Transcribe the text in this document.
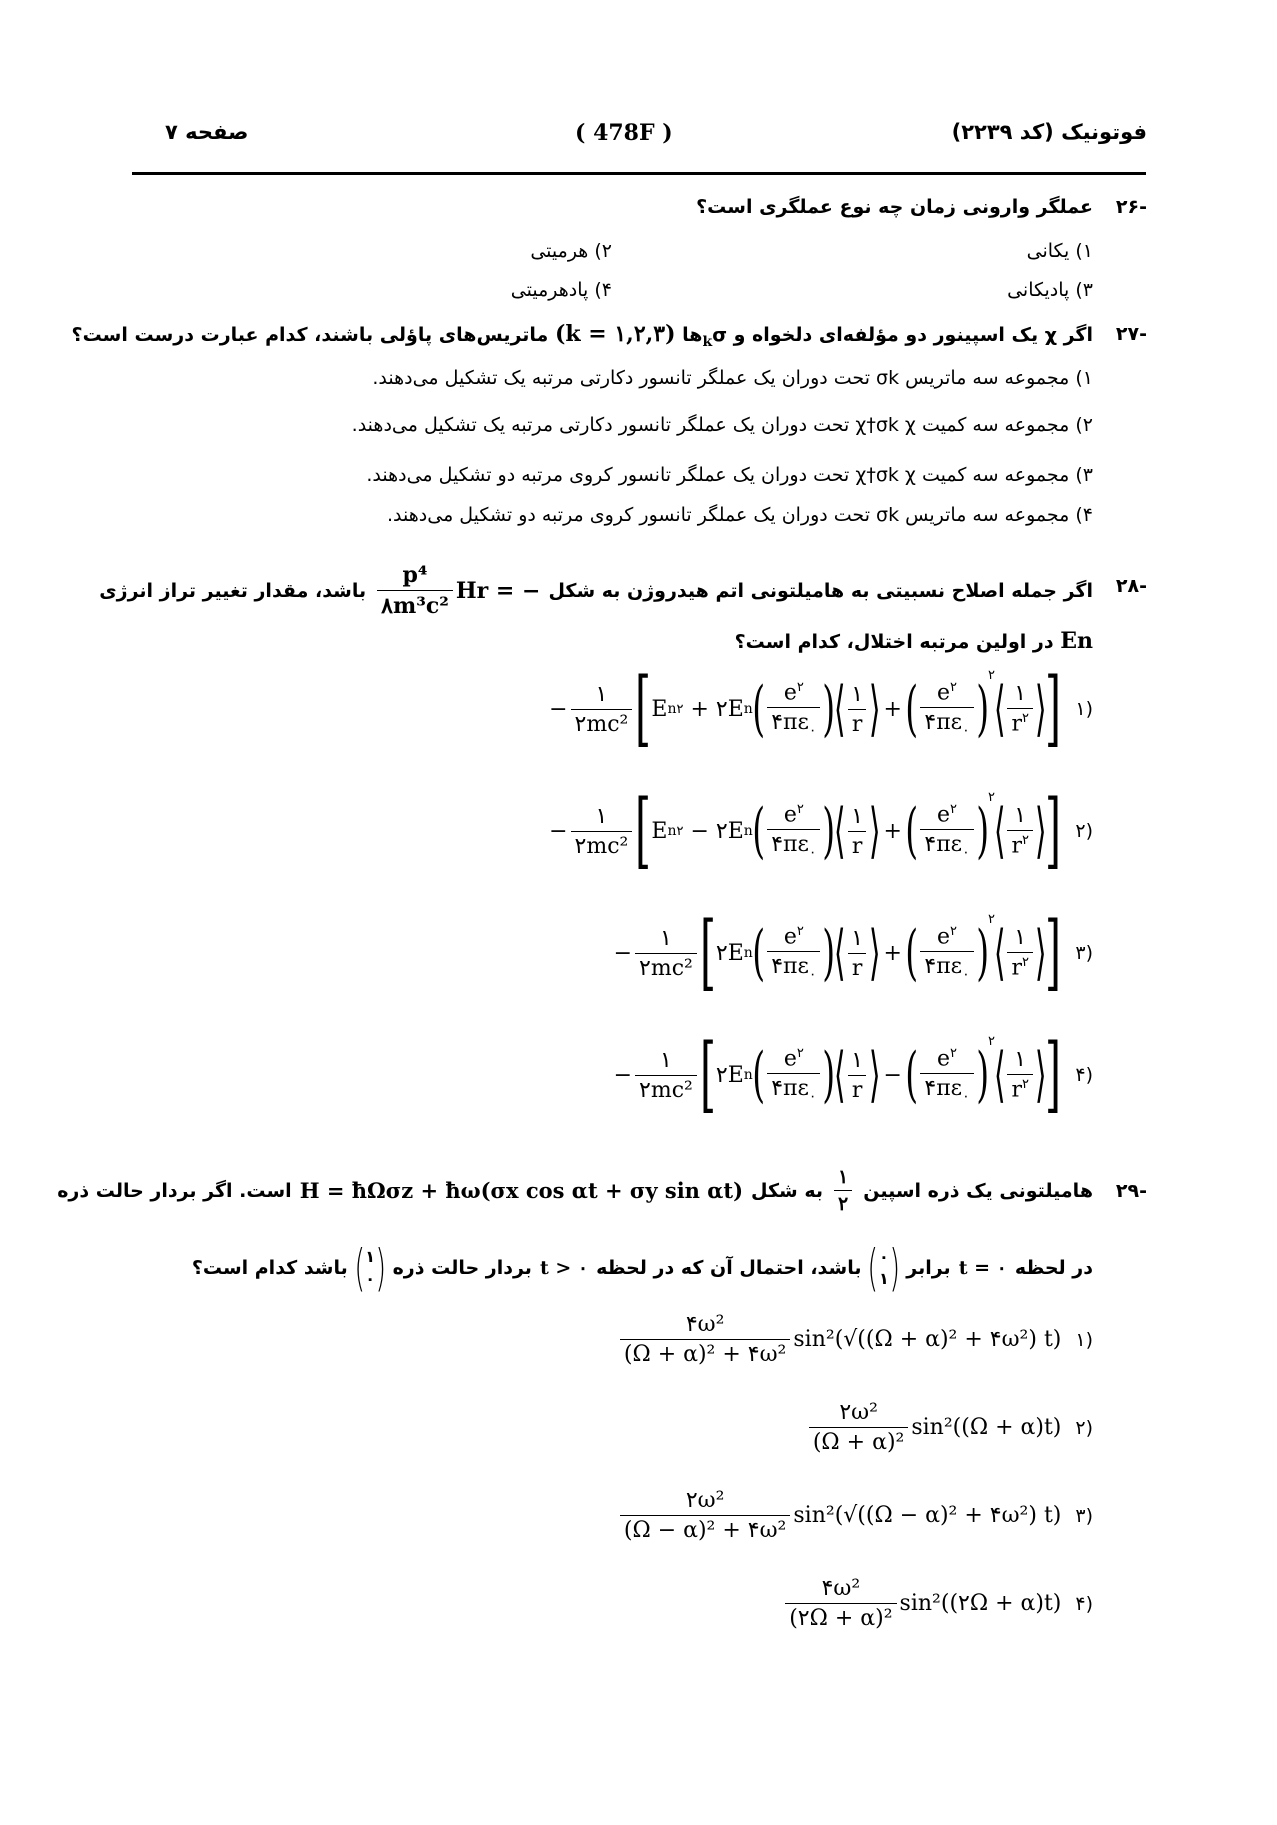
فوتونیک (کد ۲۲۳۹)
( 478F )
صفحه ۷
-۲۶
عملگر وارونی زمان چه نوع عملگری است؟
۱) یکانی
۲) هرمیتی
۳) پادیکانی
۴) پادهرمیتی
-۲۷
اگر χ یک اسپینور دو مؤلفه‌ای دلخواه و $\sigma_kها$ (k = ۱,۲,۳) ماتریس‌های پاؤلی باشند، کدام عبارت درست است؟
۱) مجموعه سه ماتریس σk تحت دوران یک عملگر تانسور دکارتی مرتبه یک تشکیل می‌دهند.
۲) مجموعه سه کمیت χ†σk χ تحت دوران یک عملگر تانسور دکارتی مرتبه یک تشکیل می‌دهند.
۳) مجموعه سه کمیت χ†σk χ تحت دوران یک عملگر تانسور کروی مرتبه دو تشکیل می‌دهند.
۴) مجموعه سه ماتریس σk تحت دوران یک عملگر تانسور کروی مرتبه دو تشکیل می‌دهند.
-۲۸
اگر جمله اصلاح نسبیتی به هامیلتونی اتم هیدروژن به شکل
$\frac{\text{p⁴}}{\text{۸m³c²}}$ Hr = −
باشد، مقدار تغییر تراز انرژی
En در اولین مرتبه اختلال، کدام است؟
− $\frac{۱}{\text{۲mc²}}$ [ E n ۲
+ ۲E n ( $\frac{e^۲}{۴\pi\varepsilon_۰}$ )
⟨ $\frac{۱}{r}$ ⟩ + ( $\frac{e^۲}{۴\pi\varepsilon_۰} )^۲$
⟨ $\frac{۱}{r^۲}$ ⟩
] ۱)
− $\frac{۱}{\text{۲mc²}}$ [ E n ۲
− ۲E n ( $\frac{e^۲}{۴\pi\varepsilon_۰}$ )
⟨ $\frac{۱}{r}$ ⟩ + ( $\frac{e^۲}{۴\pi\varepsilon_۰} )^۲$
⟨ $\frac{۱}{r^۲}$ ⟩
] ۲)
− $\frac{۱}{\text{۲mc²}}$ [ ۲E n ( $\frac{e^۲}{۴\pi\varepsilon_۰}$ )
⟨ $\frac{۱}{r}$ ⟩ + ( $\frac{e^۲}{۴\pi\varepsilon_۰} )^۲$
⟨ $\frac{۱}{r^۲}$ ⟩
] ۳)
− $\frac{۱}{\text{۲mc²}}$ [ ۲E n ( $\frac{e^۲}{۴\pi\varepsilon_۰}$ )
⟨ $\frac{۱}{r}$ ⟩ − ( $\frac{e^۲}{۴\pi\varepsilon_۰} )^۲$
⟨ $\frac{۱}{r^۲}$ ⟩
] ۴)
-۲۹
هامیلتونی یک ذره اسپین
$\frac{۱}{۲}$
به شکل
H = ħΩσz + ħω(σx cos αt + σy sin αt)
است. اگر بردار حالت ذره
در لحظه
t = ۰
برابر
(
۰
۱
)
باشد، احتمال آن که در لحظه
t > ۰
بردار حالت ذره
(
۱
۰
)
باشد کدام است؟
$\frac{\text{۴ω²}}{\text{(Ω + α)² + ۴ω²}} \sin^2(√((\Omega + \alpha)^2$ + ۴ω²) t) ۱)
$\frac{\text{۲ω²}}{\text{(Ω + α)²}} \sin^2((\Omega + \alpha)t)$ ۲)
$\frac{\text{۲ω²}}{\text{(Ω − α)² + ۴ω²}} \sin^2(√((\Omega - \alpha)^2$ + ۴ω²) t) ۳)
$\frac{\text{۴ω²}}{\text{(۲Ω + α)²}}$ sin²((۲Ω + α)t) ۴)
